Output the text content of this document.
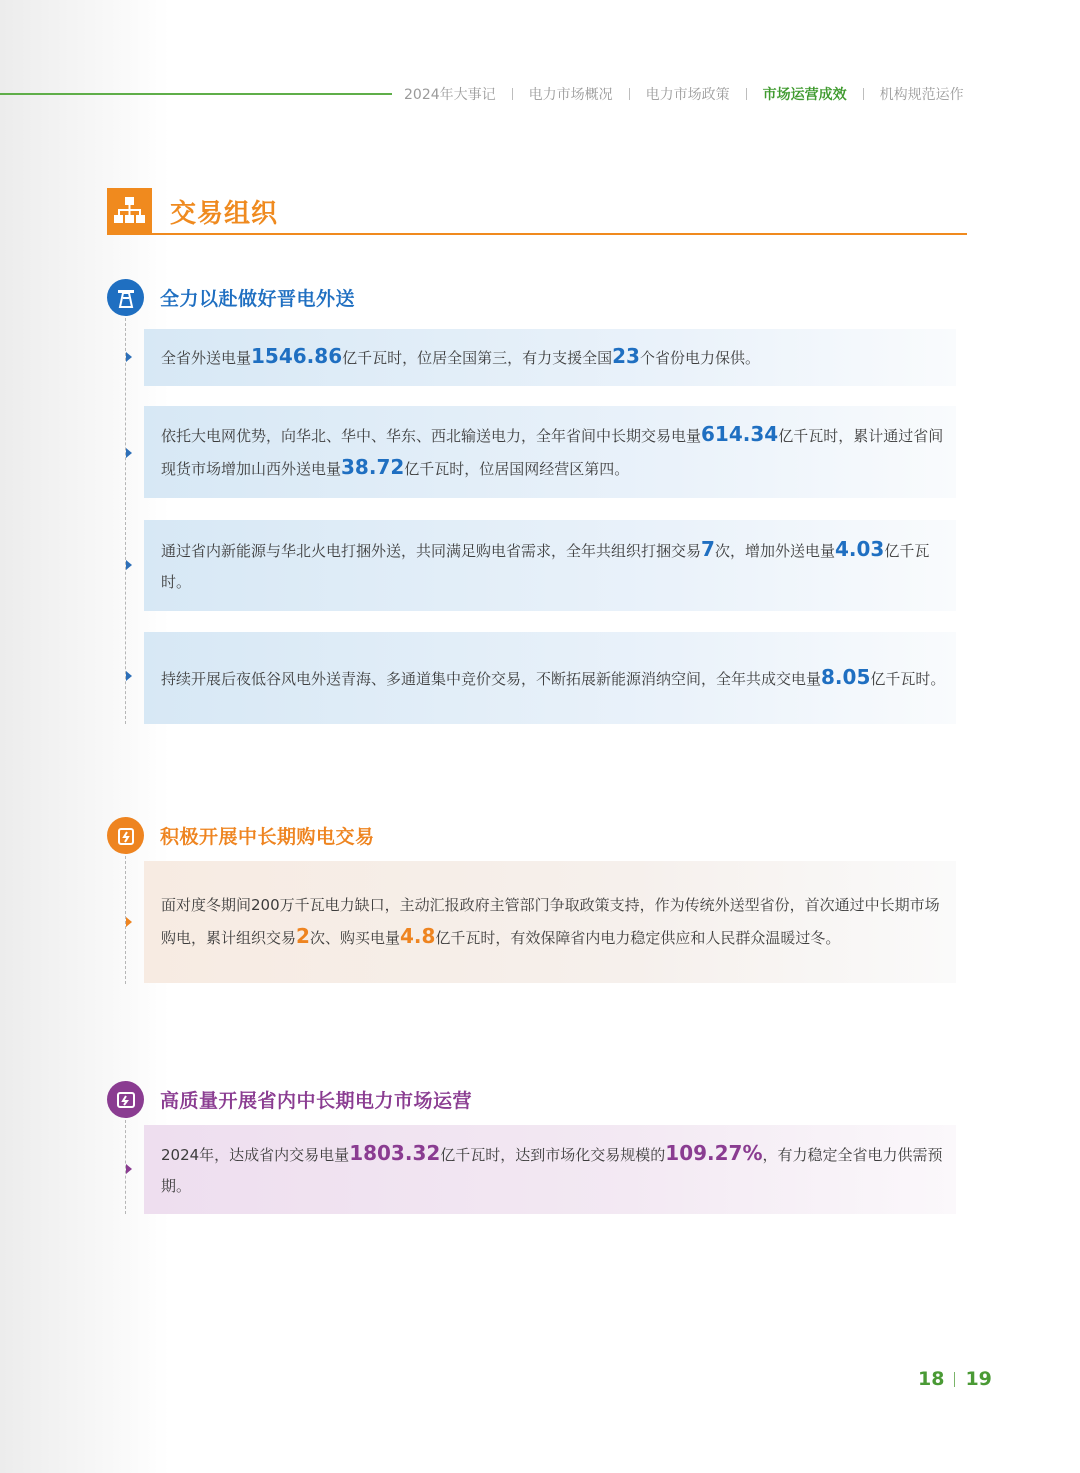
2024年大事记 电力市场概况 电力市场政策 市场运营成效 机构规范运作
交易组织
全力以赴做好晋电外送

全省外送电量1546.86亿千瓦时，位居全国第三，有力支援全国23个省份电力保供。

依托大电网优势，向华北、华中、华东、西北输送电力，全年省间中长期交易电量614.34亿千瓦时，累计通过省间现货市场增加山西外送电量38.72亿千瓦时，位居国网经营区第四。

通过省内新能源与华北火电打捆外送，共同满足购电省需求，全年共组织打捆交易7次，增加外送电量4.03亿千瓦时。

持续开展后夜低谷风电外送青海、多通道集中竞价交易，不断拓展新能源消纳空间，全年共成交电量8.05亿千瓦时。

积极开展中长期购电交易

面对度冬期间200万千瓦电力缺口，主动汇报政府主管部门争取政策支持，作为传统外送型省份，首次通过中长期市场购电，累计组织交易2次、购买电量4.8亿千瓦时，有效保障省内电力稳定供应和人民群众温暖过冬。

高质量开展省内中长期电力市场运营

2024年，达成省内交易电量1803.32亿千瓦时，达到市场化交易规模的109.27%，有力稳定全省电力供需预期。

18 19
